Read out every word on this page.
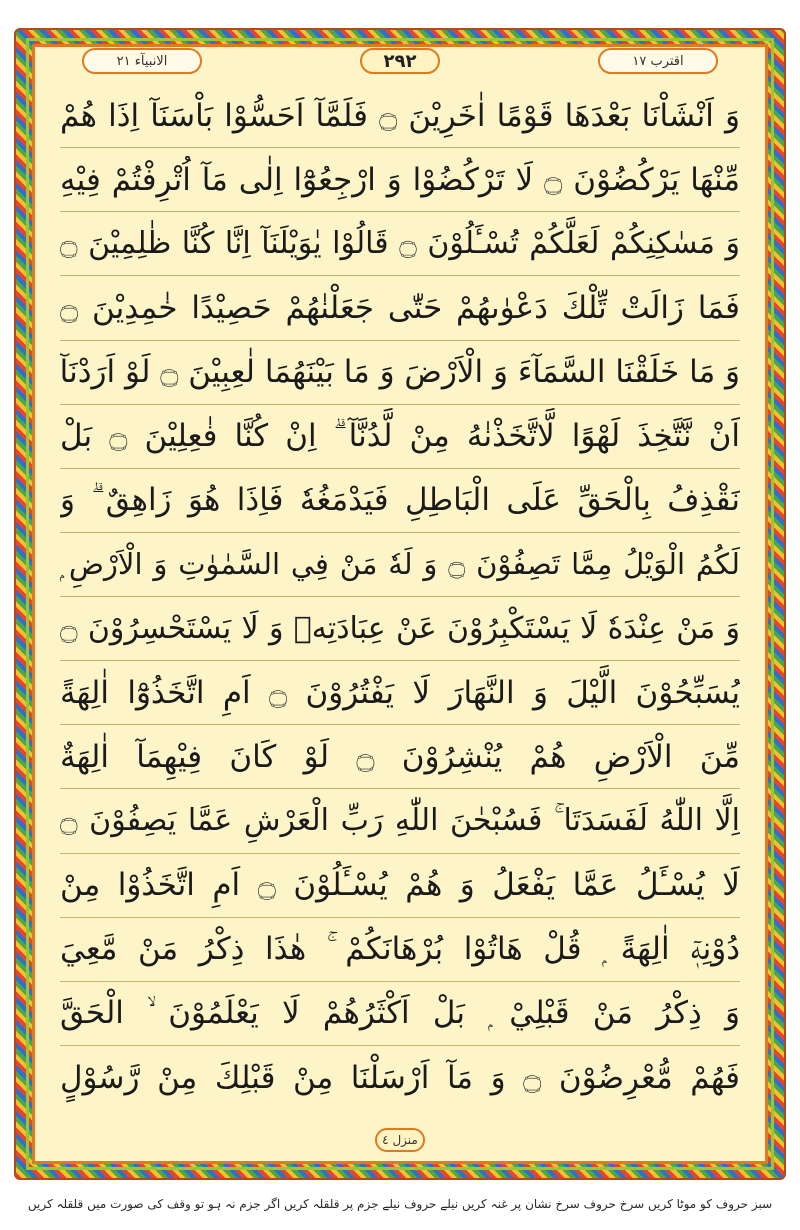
اقترب ۱۷
۲۹۲
الانبيآء ۲۱
وَ اَنْشَاْنَا بَعْدَهَا قَوْمًا اٰخَرِيْنَ ۝ فَلَمَّآ اَحَسُّوْا بَاْسَنَآ اِذَا هُمْ
مِّنْهَا يَرْكُضُوْنَ ۝ لَا تَرْكُضُوْا وَ ارْجِعُوْٓا اِلٰى مَآ اُتْرِفْتُمْ فِيْهِ
وَ مَسٰكِنِكُمْ لَعَلَّكُمْ تُسْـَٔلُوْنَ ۝ قَالُوْا يٰوَيْلَنَآ اِنَّا كُنَّا ظٰلِمِيْنَ ۝
فَمَا زَالَتْ تِّلْكَ دَعْوٰىهُمْ حَتّٰى جَعَلْنٰهُمْ حَصِيْدًا خٰمِدِيْنَ ۝
وَ مَا خَلَقْنَا السَّمَآءَ وَ الْاَرْضَ وَ مَا بَيْنَهُمَا لٰعِبِيْنَ ۝ لَوْ اَرَدْنَآ
اَنْ نَّتَّخِذَ لَهْوًا لَّاتَّخَذْنٰهُ مِنْ لَّدُنَّآ ۗ اِنْ كُنَّا فٰعِلِيْنَ ۝ بَلْ
نَقْذِفُ بِالْحَقِّ عَلَى الْبَاطِلِ فَيَدْمَغُهٗ فَاِذَا هُوَ زَاهِقٌ ۗ وَ
لَكُمُ الْوَيْلُ مِمَّا تَصِفُوْنَ ۝ وَ لَهٗ مَنْ فِي السَّمٰوٰتِ وَ الْاَرْضِ ۭ
وَ مَنْ عِنْدَهٗ لَا يَسْتَكْبِرُوْنَ عَنْ عِبَادَتِهٖ وَ لَا يَسْتَحْسِرُوْنَ ۝
يُسَبِّحُوْنَ الَّيْلَ وَ النَّهَارَ لَا يَفْتُرُوْنَ ۝ اَمِ اتَّخَذُوْٓا اٰلِهَةً
مِّنَ الْاَرْضِ هُمْ يُنْشِرُوْنَ ۝ لَوْ كَانَ فِيْهِمَآ اٰلِهَةٌ
اِلَّا اللّٰهُ لَفَسَدَتَا ۚ فَسُبْحٰنَ اللّٰهِ رَبِّ الْعَرْشِ عَمَّا يَصِفُوْنَ ۝
لَا يُسْـَٔلُ عَمَّا يَفْعَلُ وَ هُمْ يُسْـَٔلُوْنَ ۝ اَمِ اتَّخَذُوْا مِنْ
دُوْنِهٖٓ اٰلِهَةً ۭ قُلْ هَاتُوْا بُرْهَانَكُمْ ۚ هٰذَا ذِكْرُ مَنْ مَّعِيَ
وَ ذِكْرُ مَنْ قَبْلِيْ ۭ بَلْ اَكْثَرُهُمْ لَا يَعْلَمُوْنَ ۙ الْحَقَّ
فَهُمْ مُّعْرِضُوْنَ ۝ وَ مَآ اَرْسَلْنَا مِنْ قَبْلِكَ مِنْ رَّسُوْلٍ
منزل ٤
سبز حروف کو موٹا کریں سرخ حروف سرخ نشان پر غنہ کریں نیلے حروف نیلے جزم پر قلقلہ کریں اگر جزم نہ ہو تو وقف کی صورت میں قلقلہ کریں
